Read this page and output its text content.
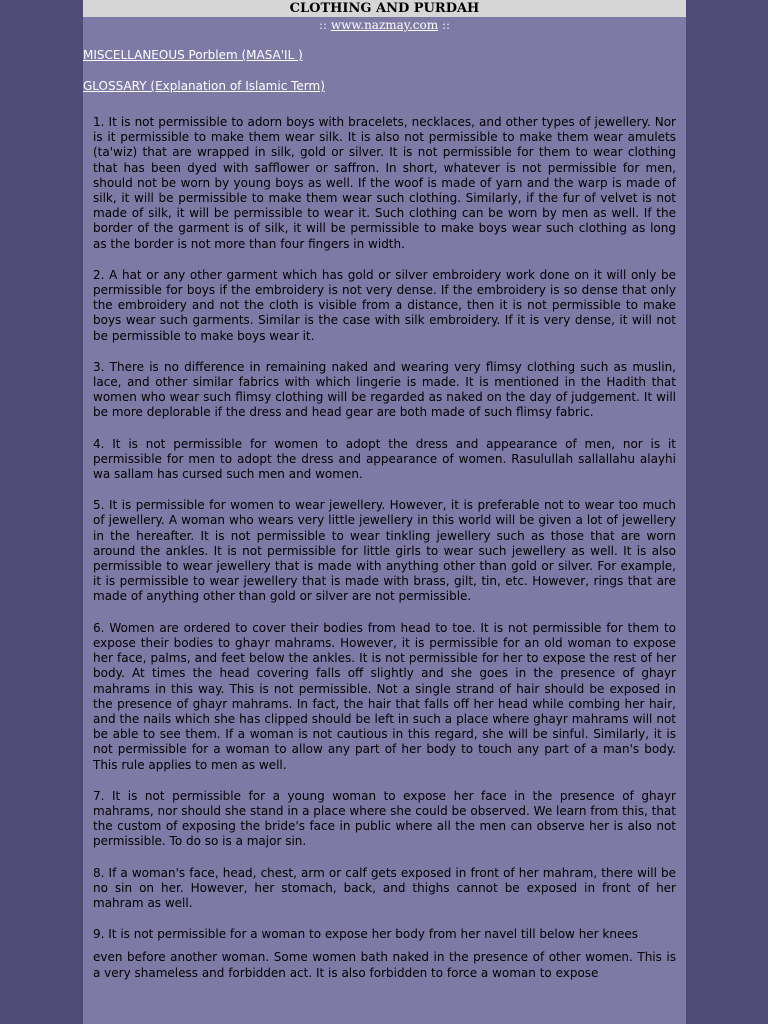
CLOTHING AND PURDAH
:: www.nazmay.com ::
MISCELLANEOUS Porblem (MASA'IL )
GLOSSARY (Explanation of Islamic Term)

1. It is not permissible to adorn boys with bracelets, necklaces, and other types of jewellery. Nor is it permissible to make them wear silk. It is also not permissible to make them wear amulets (ta'wiz) that are wrapped in silk, gold or silver. It is not permissible for them to wear clothing that has been dyed with safflower or saffron. In short, whatever is not permissible for men, should not be worn by young boys as well. If the woof is made of yarn and the warp is made of silk, it will be permissible to make them wear such clothing. Similarly, if the fur of velvet is not made of silk, it will be permissible to wear it. Such clothing can be worn by men as well. If the border of the garment is of silk, it will be permissible to make boys wear such clothing as long as the border is not more than four fingers in width.

2. A hat or any other garment which has gold or silver embroidery work done on it will only be permissible for boys if the embroidery is not very dense. If the embroidery is so dense that only the embroidery and not the cloth is visible from a distance, then it is not permissible to make boys wear such garments. Similar is the case with silk embroidery. If it is very dense, it will not be permissible to make boys wear it.

3. There is no difference in remaining naked and wearing very flimsy clothing such as muslin, lace, and other similar fabrics with which lingerie is made. It is mentioned in the Hadith that women who wear such flimsy clothing will be regarded as naked on the day of judgement. It will be more deplorable if the dress and head gear are both made of such flimsy fabric.

4. It is not permissible for women to adopt the dress and appearance of men, nor is it permissible for men to adopt the dress and appearance of women. Rasulullah sallallahu alayhi wa sallam has cursed such men and women.

5. It is permissible for women to wear jewellery. However, it is preferable not to wear too much of jewellery. A woman who wears very little jewellery in this world will be given a lot of jewellery in the hereafter. It is not permissible to wear tinkling jewellery such as those that are worn around the ankles. It is not permissible for little girls to wear such jewellery as well. It is also permissible to wear jewellery that is made with anything other than gold or silver. For example, it is permissible to wear jewellery that is made with brass, gilt, tin, etc. However, rings that are made of anything other than gold or silver are not permissible.

6. Women are ordered to cover their bodies from head to toe. It is not permissible for them to expose their bodies to ghayr mahrams. However, it is permissible for an old woman to expose her face, palms, and feet below the ankles. It is not permissible for her to expose the rest of her body. At times the head covering falls off slightly and she goes in the presence of ghayr mahrams in this way. This is not permissible. Not a single strand of hair should be exposed in the presence of ghayr mahrams. In fact, the hair that falls off her head while combing her hair, and the nails which she has clipped should be left in such a place where ghayr mahrams will not be able to see them. If a woman is not cautious in this regard, she will be sinful. Similarly, it is not permissible for a woman to allow any part of her body to touch any part of a man's body. This rule applies to men as well.

7. It is not permissible for a young woman to expose her face in the presence of ghayr mahrams, nor should she stand in a place where she could be observed. We learn from this, that the custom of exposing the bride's face in public where all the men can observe her is also not permissible. To do so is a major sin.

8. If a woman's face, head, chest, arm or calf gets exposed in front of her mahram, there will be no sin on her. However, her stomach, back, and thighs cannot be exposed in front of her mahram as well.

9. It is not permissible for a woman to expose her body from her navel till below her knees

even before another woman. Some women bath naked in the presence of other women. This is a very shameless and forbidden act. It is also forbidden to force a woman to expose
